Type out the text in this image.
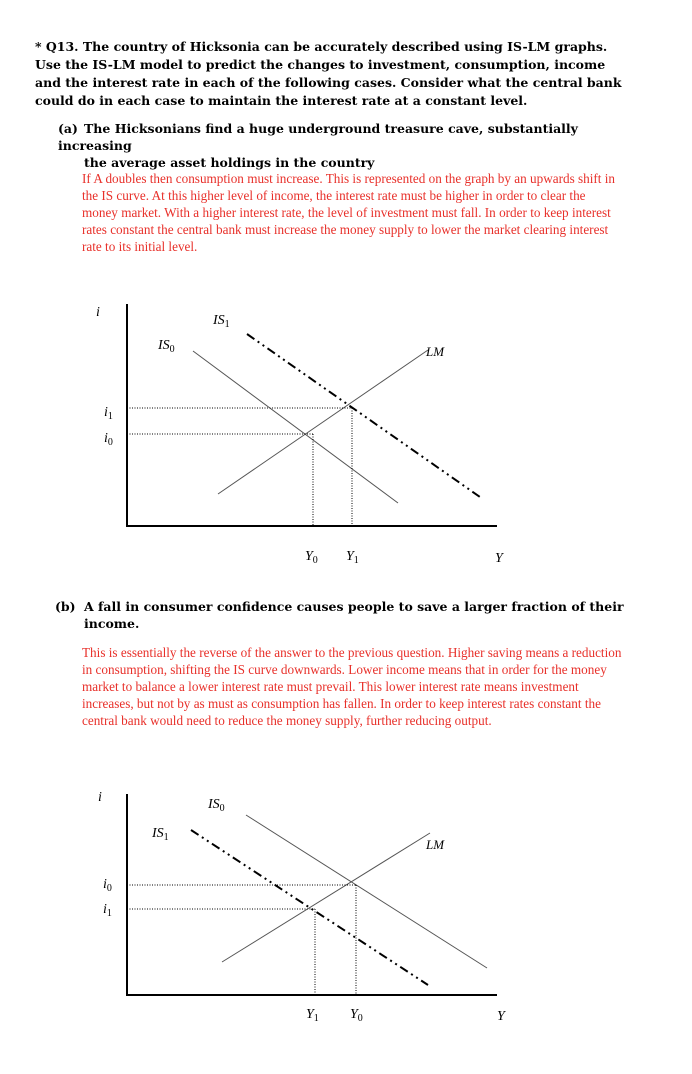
* Q13. The country of Hicksonia can be accurately described using IS-LM graphs. Use the IS-LM model to predict the changes to investment, consumption, income and the interest rate in each of the following cases. Consider what the central bank could do in each case to maintain the interest rate at a constant level.
(a) The Hicksonians find a huge underground treasure cave, substantially increasing
the average asset holdings in the country
If A doubles then consumption must increase. This is represented on the graph by an upwards shift in the IS curve. At this higher level of income, the interest rate must be higher in order to clear the money market. With a higher interest rate, the level of investment must fall. In order to keep interest rates constant the central bank must increase the money supply to lower the market clearing interest rate to its initial level.
i
Y
LM
$IS_0$
$IS_1$
$i_1$
$i_0$
$Y_0$ $Y_1$
(b) A fall in consumer confidence causes people to save a larger fraction of their
income.
This is essentially the reverse of the answer to the previous question. Higher saving means a reduction in consumption, shifting the IS curve downwards. Lower income means that in order for the money market to balance a lower interest rate must prevail. This lower interest rate means investment increases, but not by as must as consumption has fallen. In order to keep interest rates constant the central bank would need to reduce the money supply, further reducing output.
i
Y
LM
$IS_0$
$IS_1$
$i_0$
$i_1$
$Y_1$ $Y_0$
